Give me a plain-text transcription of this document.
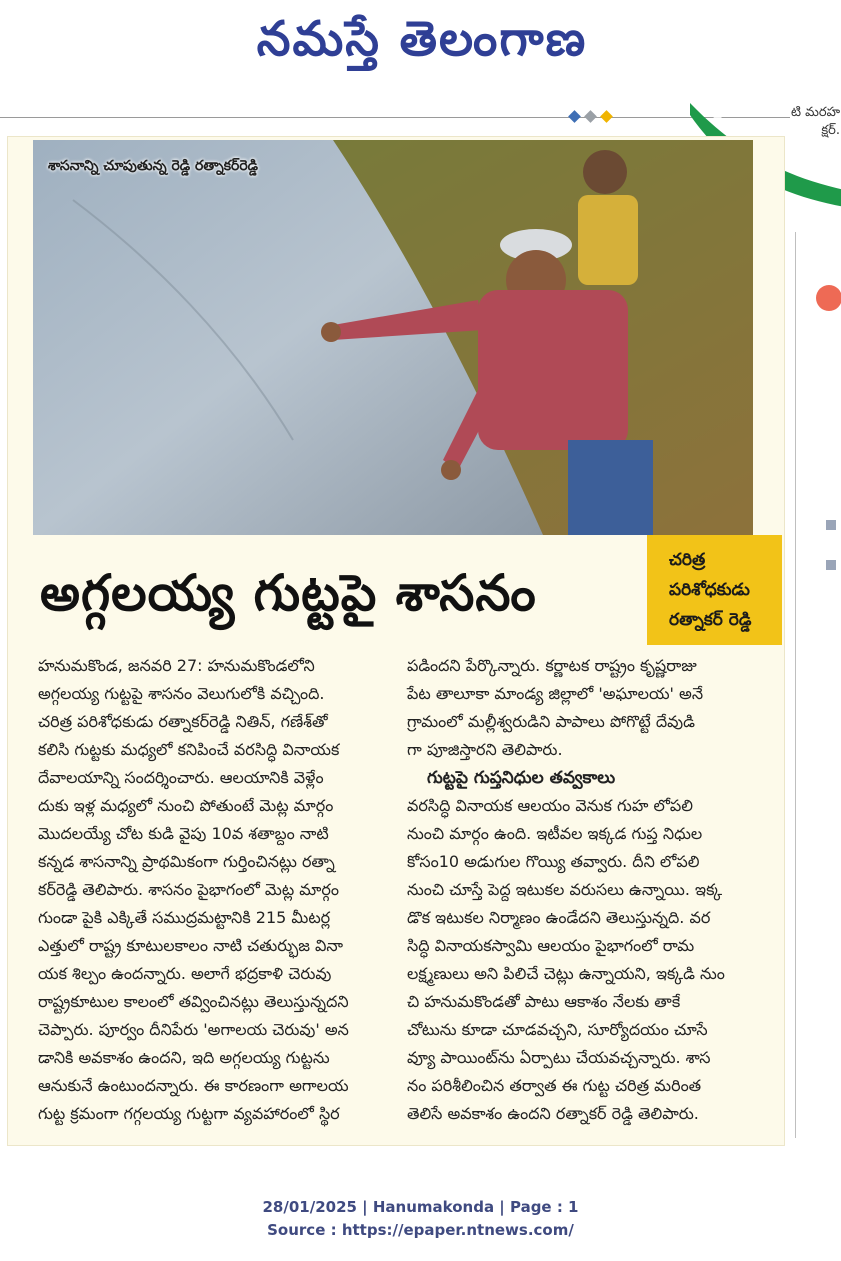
నమస్తే తెలంగాణ
టి మరహ
క్షర్.
శాసనాన్ని చూపుతున్న రెడ్డి రత్నాకర్‌రెడ్డి
అగ్గలయ్య గుట్టపై శాసనం
చరిత్ర
పరిశోధకుడు
రత్నాకర్ రెడ్డి

హనుమకొండ, జనవరి 27: హనుమకొండలోని

అగ్గలయ్య గుట్టపై శాసనం వెలుగులోకి వచ్చింది.

చరిత్ర పరిశోధకుడు రత్నాకర్‌రెడ్డి నితిన్, గణేశ్‌తో

కలిసి గుట్టకు మధ్యలో కనిపించే వరసిద్ధి వినాయక

దేవాలయాన్ని సందర్శించారు. ఆలయానికి వెళ్లేం

దుకు ఇళ్ల మధ్యలో నుంచి పోతుంటే మెట్ల మార్గం

మొదలయ్యే చోట కుడి వైపు 10వ శతాబ్దం నాటి

కన్నడ శాసనాన్ని ప్రాథమికంగా గుర్తించినట్లు రత్నా

కర్‌రెడ్డి తెలిపారు. శాసనం పైభాగంలో మెట్ల మార్గం

గుండా పైకి ఎక్కితే సముద్రమట్టానికి 215 మీటర్ల

ఎత్తులో రాష్ట్ర కూటులకాలం నాటి చతుర్భుజ వినా

యక శిల్పం ఉందన్నారు. అలాగే భద్రకాళి చెరువు

రాష్ట్రకూటుల కాలంలో తవ్వించినట్లు తెలుస్తున్నదని

చెప్పారు. పూర్వం దీనిపేరు 'అగాలయ చెరువు' అన

డానికి అవకాశం ఉందని, ఇది అగ్గలయ్య గుట్టను

ఆనుకునే ఉంటుందన్నారు. ఈ కారణంగా అగాలయ

గుట్ట క్రమంగా గగ్గలయ్య గుట్టగా వ్యవహారంలో స్థిర

పడిందని పేర్కొన్నారు. కర్ణాటక రాష్ట్రం కృష్ణరాజు

పేట తాలూకా మాండ్య జిల్లాలో 'అఘాలయ' అనే

గ్రామంలో మల్లీశ్వరుడిని పాపాలు పోగొట్టే దేవుడి

గా పూజిస్తారని తెలిపారు.

గుట్టపై గుప్తనిధుల తవ్వకాలు

వరసిద్ధి వినాయక ఆలయం వెనుక గుహ లోపలి

నుంచి మార్గం ఉంది. ఇటీవల ఇక్కడ గుప్త నిధుల

కోసం10 అడుగుల గొయ్యి తవ్వారు. దీని లోపలి

నుంచి చూస్తే పెద్ద ఇటుకల వరుసలు ఉన్నాయి. ఇక్క

డొక ఇటుకల నిర్మాణం ఉండేదని తెలుస్తున్నది. వర

సిద్ధి వినాయకస్వామి ఆలయం పైభాగంలో రామ

లక్ష్మణులు అని పిలిచే చెట్లు ఉన్నాయని, ఇక్కడి నుం

చి హనుమకొండతో పాటు ఆకాశం నేలకు తాకే

చోటును కూడా చూడవచ్చని, సూర్యోదయం చూసే

వ్యూ పాయింట్‌ను ఏర్పాటు చేయవచ్చన్నారు. శాస

నం పరిశీలించిన తర్వాత ఈ గుట్ట చరిత్ర మరింత

తెలిసే అవకాశం ఉందని రత్నాకర్ రెడ్డి తెలిపారు.

28/01/2025 | Hanumakonda | Page : 1
Source : https://epaper.ntnews.com/
